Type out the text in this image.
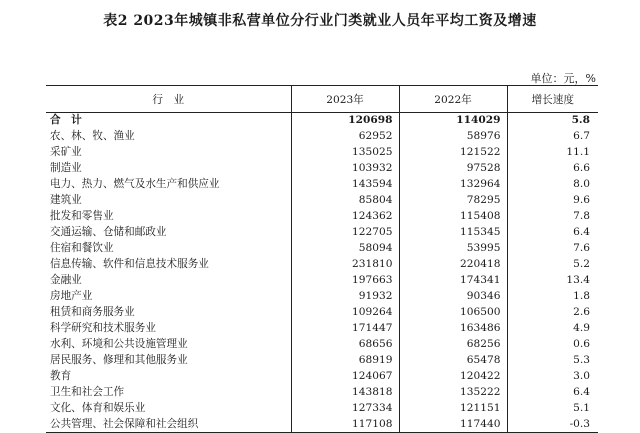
表2 2023年城镇非私营单位分行业门类就业人员年平均工资及增速
单位：元，%
行　业	2023年	2022年	增长速度
合　计	120698	114029	5.8
农、林、牧、渔业	62952	58976	6.7
采矿业	135025	121522	11.1
制造业	103932	97528	6.6
电力、热力、燃气及水生产和供应业	143594	132964	8.0
建筑业	85804	78295	9.6
批发和零售业	124362	115408	7.8
交通运输、仓储和邮政业	122705	115345	6.4
住宿和餐饮业	58094	53995	7.6
信息传输、软件和信息技术服务业	231810	220418	5.2
金融业	197663	174341	13.4
房地产业	91932	90346	1.8
租赁和商务服务业	109264	106500	2.6
科学研究和技术服务业	171447	163486	4.9
水利、环境和公共设施管理业	68656	68256	0.6
居民服务、修理和其他服务业	68919	65478	5.3
教育	124067	120422	3.0
卫生和社会工作	143818	135222	6.4
文化、体育和娱乐业	127334	121151	5.1
公共管理、社会保障和社会组织	117108	117440	-0.3
